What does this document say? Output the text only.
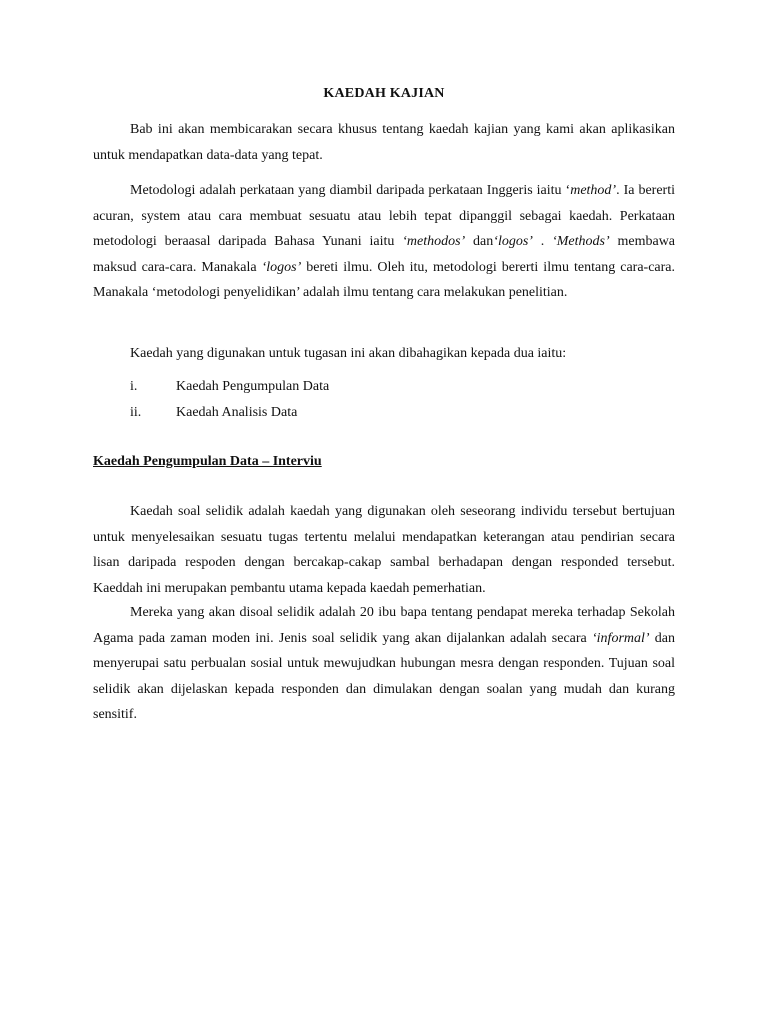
KAEDAH KAJIAN

Bab ini akan membicarakan secara khusus tentang kaedah kajian yang kami akan aplikasikan untuk mendapatkan data-data yang tepat.

Metodologi adalah perkataan yang diambil daripada perkataan Inggeris iaitu ‘method’. Ia bererti acuran, system atau cara membuat sesuatu atau lebih tepat dipanggil sebagai kaedah. Perkataan metodologi beraasal daripada Bahasa Yunani iaitu ‘methodos’ dan‘logos’ . ‘Methods’ membawa maksud cara-cara. Manakala ‘logos’ bereti ilmu. Oleh itu, metodologi bererti ilmu tentang cara-cara. Manakala ‘metodologi penyelidikan’ adalah ilmu tentang cara melakukan penelitian.

Kaedah yang digunakan untuk tugasan ini akan dibahagikan kepada dua iaitu:

i.	Kaedah Pengumpulan Data
ii. Kaedah Analisis Data
Kaedah Pengumpulan Data – Interviu

Kaedah soal selidik adalah kaedah yang digunakan oleh seseorang individu tersebut bertujuan untuk menyelesaikan sesuatu tugas tertentu melalui mendapatkan keterangan atau pendirian secara lisan daripada respoden dengan bercakap-cakap sambal berhadapan dengan responded tersebut. Kaeddah ini merupakan pembantu utama kepada kaedah pemerhatian.

Mereka yang akan disoal selidik adalah 20 ibu bapa tentang pendapat mereka terhadap Sekolah Agama pada zaman moden ini. Jenis soal selidik yang akan dijalankan adalah secara ‘informal’ dan menyerupai satu perbualan sosial untuk mewujudkan hubungan mesra dengan responden. Tujuan soal selidik akan dijelaskan kepada responden dan dimulakan dengan soalan yang mudah dan kurang sensitif.
